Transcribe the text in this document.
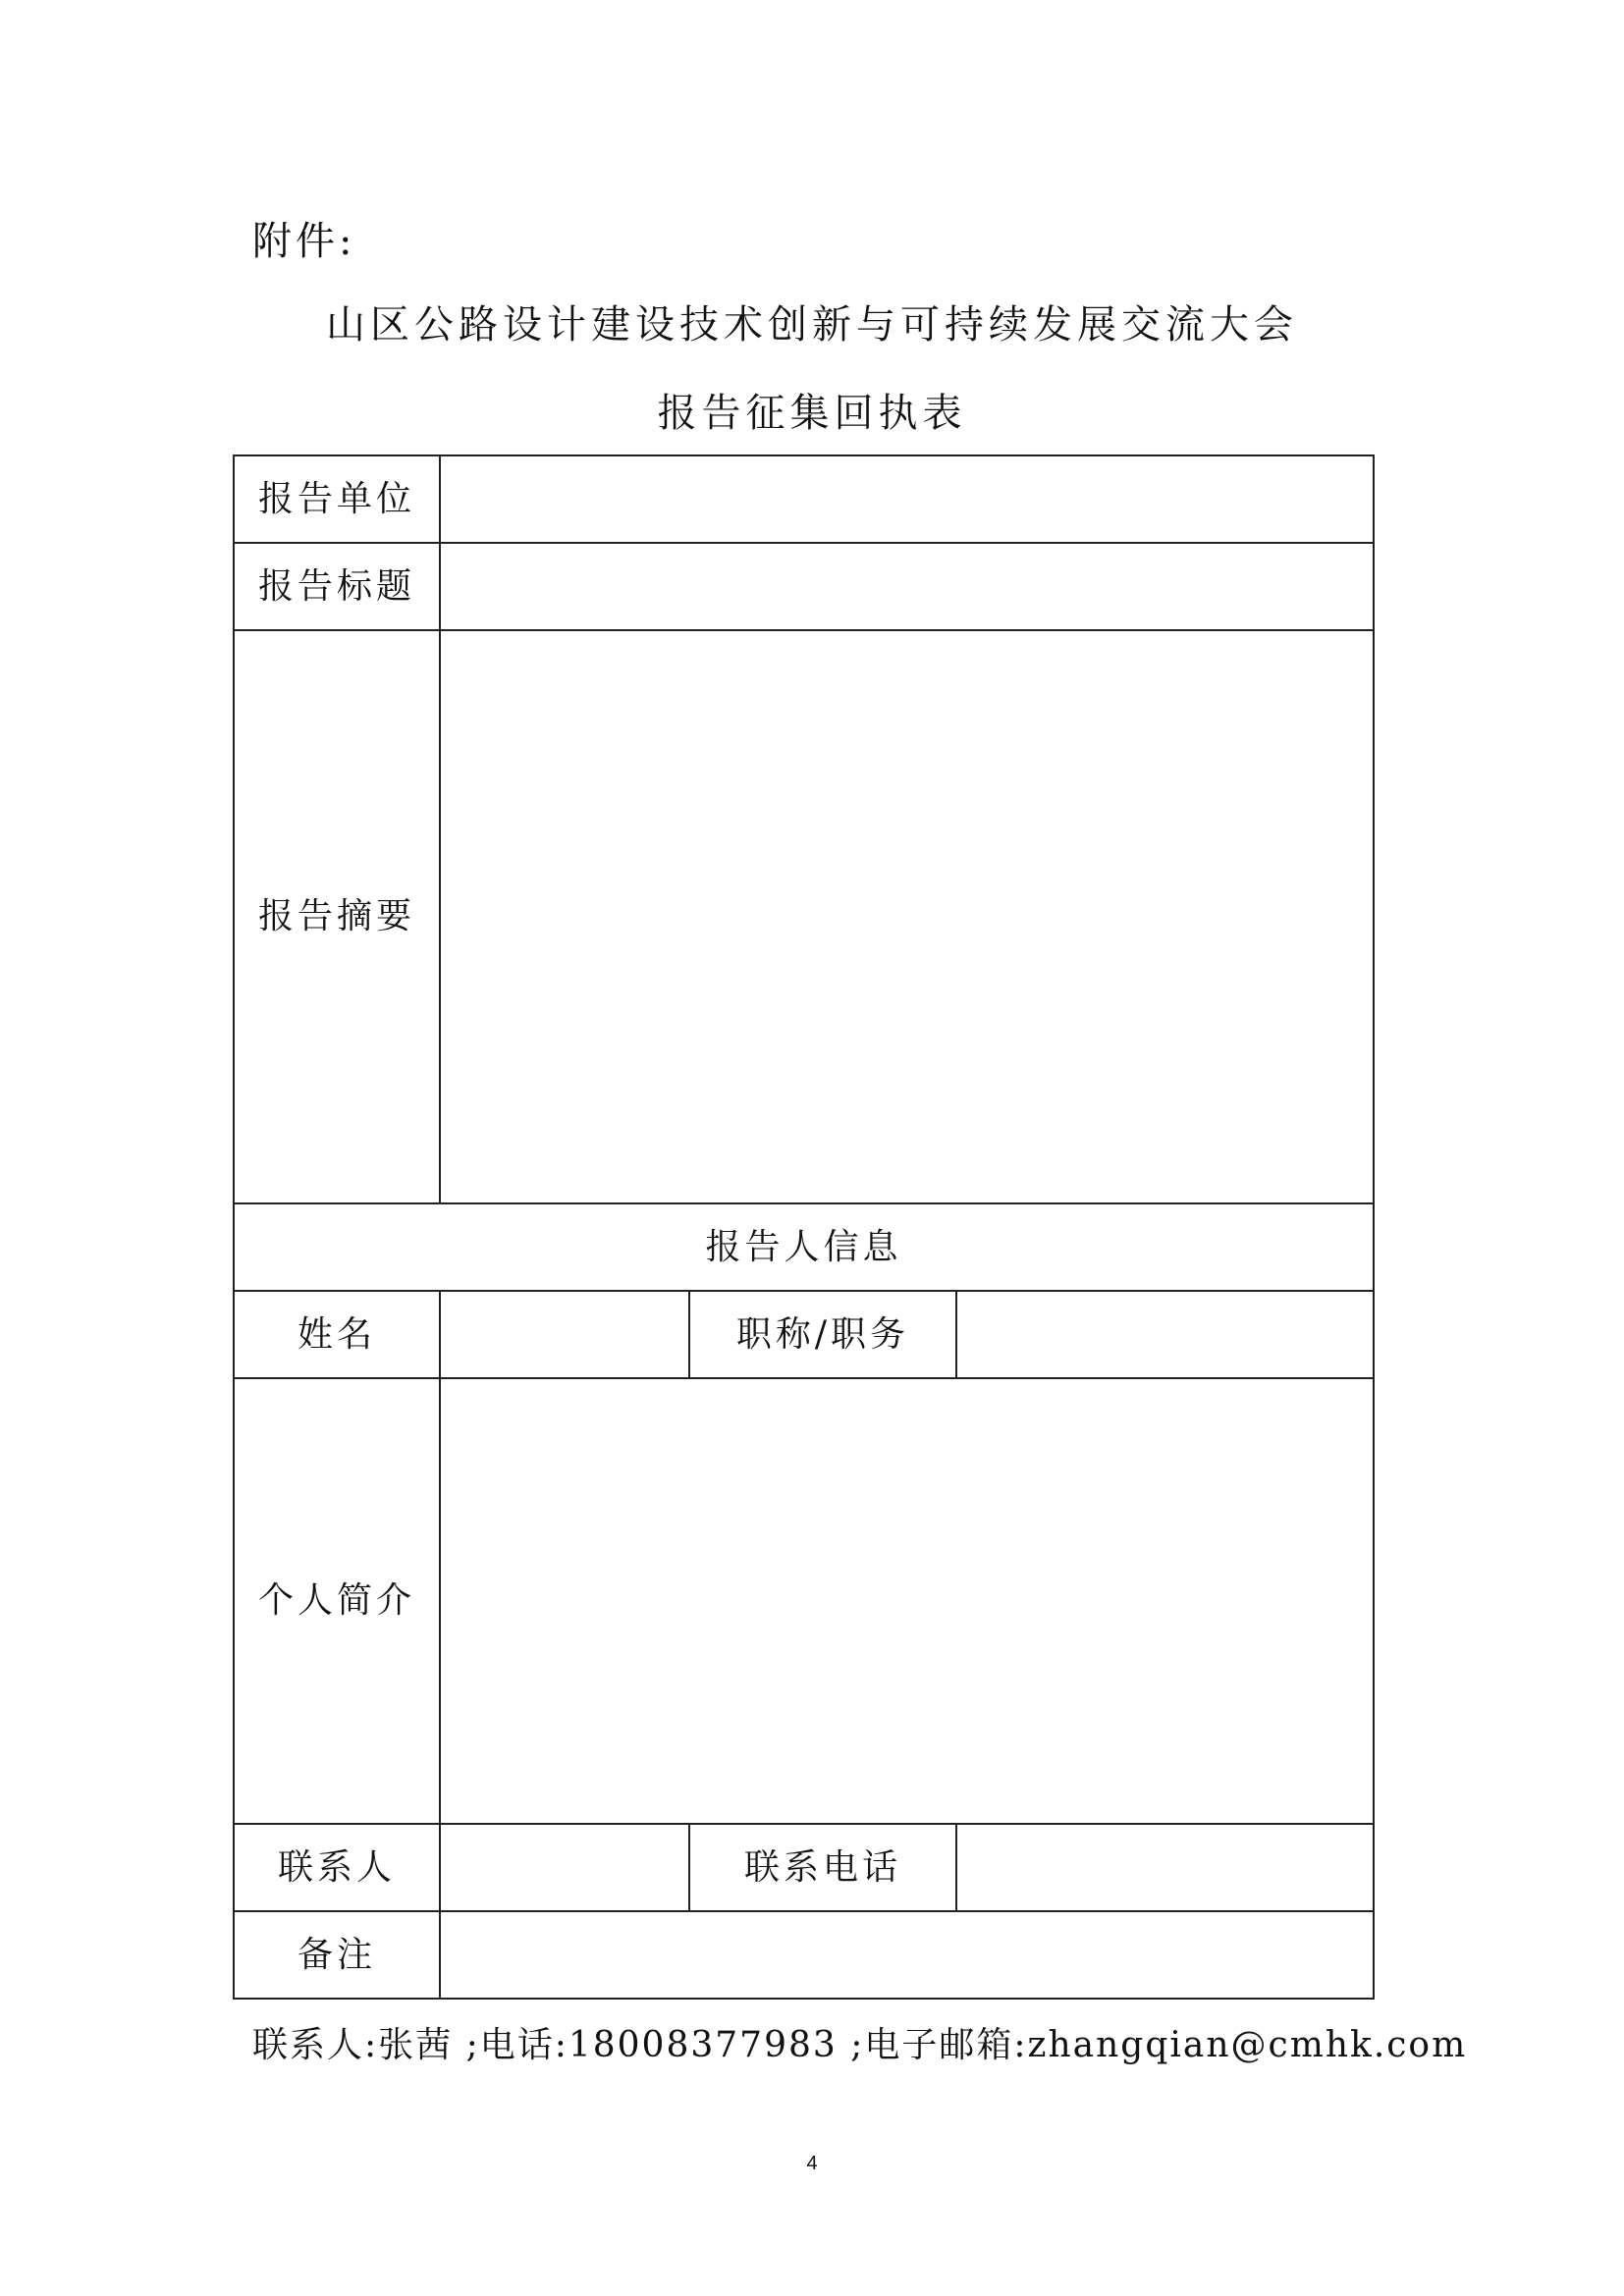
附件:
山区公路设计建设技术创新与可持续发展交流大会
报告征集回执表
报告单位			
报告标题			
报告摘要			
报告人信息			
姓名		职称/职务	
个人简介			
联系人		联系电话	
备注			
联系人:张茜 ;电话:18008377983 ;电子邮箱:zhangqian@cmhk.com
4
